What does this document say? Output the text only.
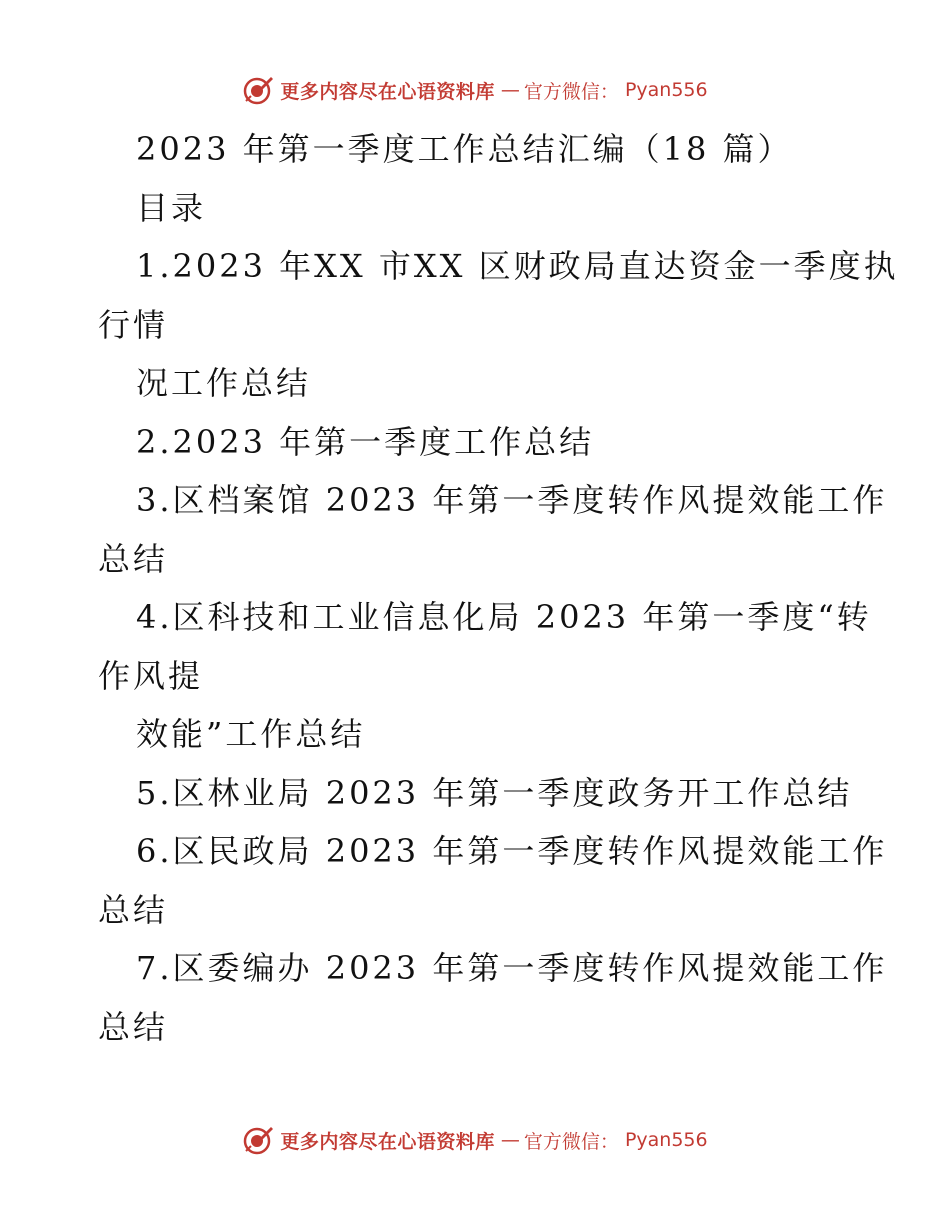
更多内容尽在心语资料库 — 官方微信： Pyan556
2023 年第一季度工作总结汇编（18 篇）
目录
1.2023 年XX 市XX 区财政局直达资金一季度执
行情
况工作总结
2.2023 年第一季度工作总结
3.区档案馆 2023 年第一季度转作风提效能工作
总结
4.区科技和工业信息化局 2023 年第一季度“转
作风提
效能”工作总结
5.区林业局 2023 年第一季度政务开工作总结
6.区民政局 2023 年第一季度转作风提效能工作
总结
7.区委编办 2023 年第一季度转作风提效能工作
总结
更多内容尽在心语资料库 — 官方微信： Pyan556
